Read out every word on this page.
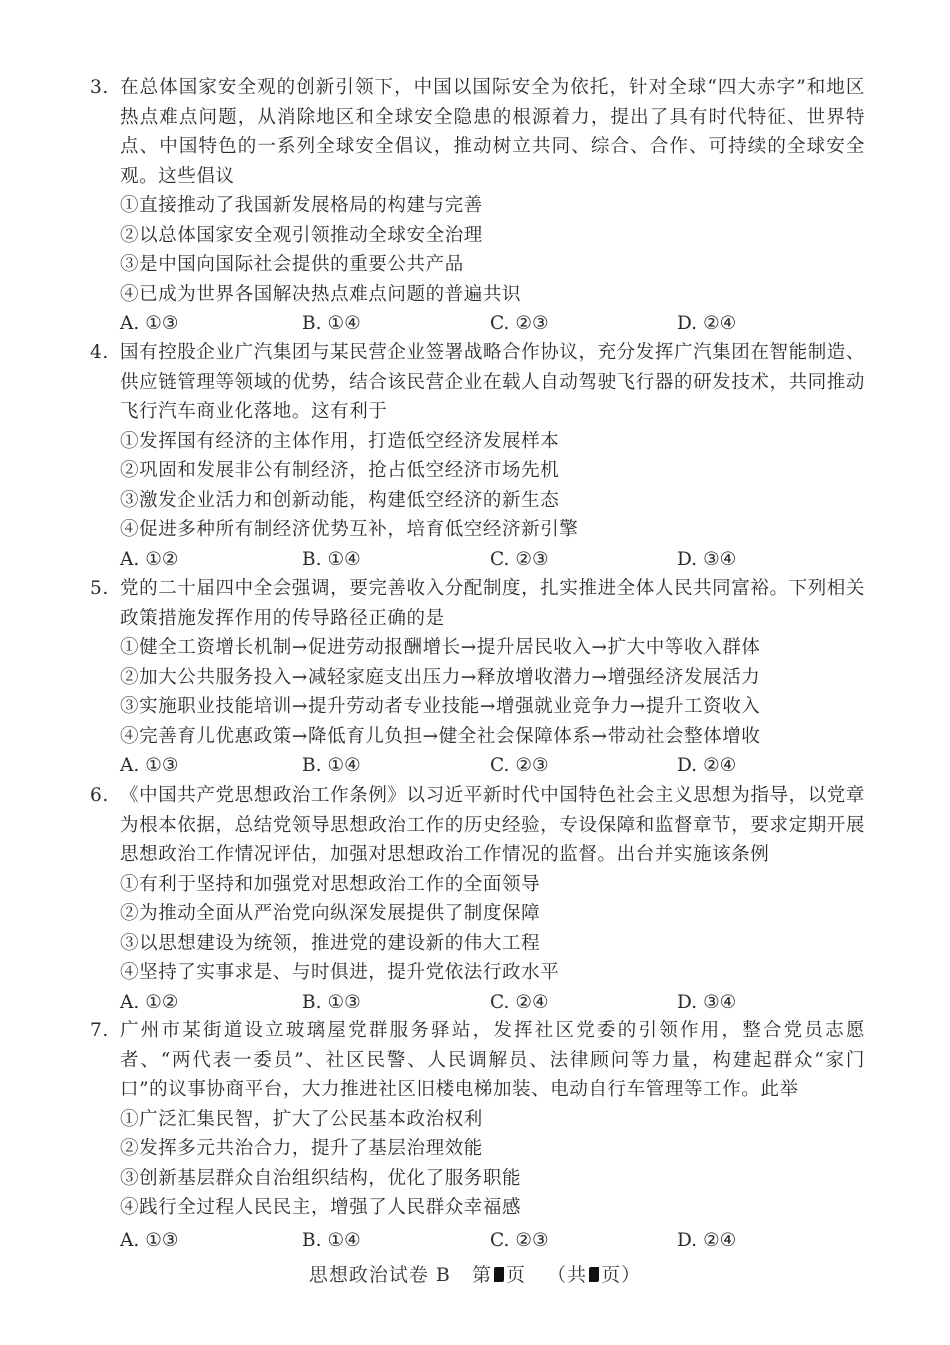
3. 在总体国家安全观的创新引领下，中国以国际安全为依托，针对全球“四大赤字”和地区热点难点问题，从消除地区和全球安全隐患的根源着力，提出了具有时代特征、世界特点、中国特色的一系列全球安全倡议，推动树立共同、综合、合作、可持续的全球安全观。这些倡议
①直接推动了我国新发展格局的构建与完善
②以总体国家安全观引领推动全球安全治理
③是中国向国际社会提供的重要公共产品
④已成为世界各国解决热点难点问题的普遍共识
A. ①③	B. ①④	C. ②③	D. ②④
4. 国有控股企业广汽集团与某民营企业签署战略合作协议，充分发挥广汽集团在智能制造、供应链管理等领域的优势，结合该民营企业在载人自动驾驶飞行器的研发技术，共同推动飞行汽车商业化落地。这有利于
①发挥国有经济的主体作用，打造低空经济发展样本
②巩固和发展非公有制经济，抢占低空经济市场先机
③激发企业活力和创新动能，构建低空经济的新生态
④促进多种所有制经济优势互补，培育低空经济新引擎
A. ①②	B. ①④	C. ②③	D. ③④
5. 党的二十届四中全会强调，要完善收入分配制度，扎实推进全体人民共同富裕。下列相关政策措施发挥作用的传导路径正确的是
①健全工资增长机制→促进劳动报酬增长→提升居民收入→扩大中等收入群体
②加大公共服务投入→减轻家庭支出压力→释放增收潜力→增强经济发展活力
③实施职业技能培训→提升劳动者专业技能→增强就业竞争力→提升工资收入
④完善育儿优惠政策→降低育儿负担→健全社会保障体系→带动社会整体增收
A. ①③	B. ①④	C. ②③	D. ②④
6. 《中国共产党思想政治工作条例》以习近平新时代中国特色社会主义思想为指导，以党章为根本依据，总结党领导思想政治工作的历史经验，专设保障和监督章节，要求定期开展思想政治工作情况评估，加强对思想政治工作情况的监督。出台并实施该条例
①有利于坚持和加强党对思想政治工作的全面领导
②为推动全面从严治党向纵深发展提供了制度保障
③以思想建设为统领，推进党的建设新的伟大工程
④坚持了实事求是、与时俱进，提升党依法行政水平
A. ①②	B. ①③	C. ②④	D. ③④
7. 广州市某街道设立玻璃屋党群服务驿站，发挥社区党委的引领作用，整合党员志愿者、“两代表一委员”、社区民警、人民调解员、法律顾问等力量，构建起群众“家门口”的议事协商平台，大力推进社区旧楼电梯加装、电动自行车管理等工作。此举
①广泛汇集民智，扩大了公民基本政治权利
②发挥多元共治合力，提升了基层治理效能
③创新基层群众自治组织结构，优化了服务职能
④践行全过程人民民主，增强了人民群众幸福感
A. ①③	B. ①④	C. ②③	D. ②④
思想政治试卷 B 第 页 （共 页）
